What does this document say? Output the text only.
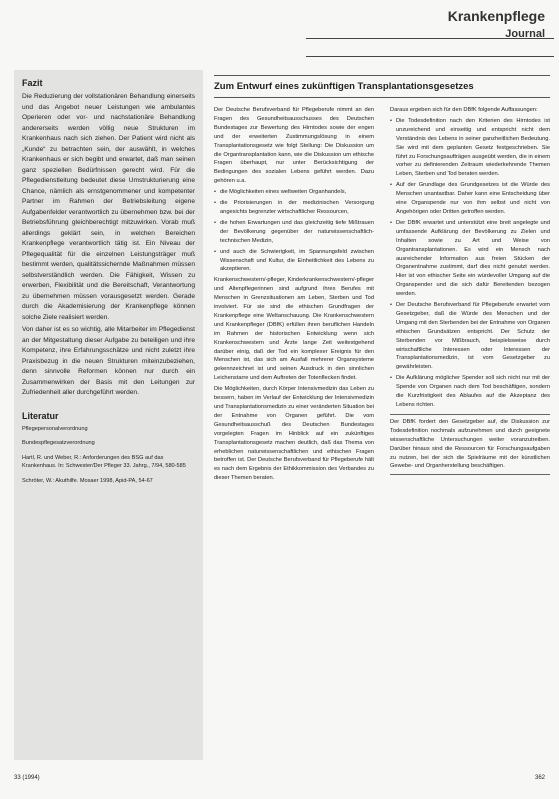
Krankenpflege
Journal
Fazit

Die Reduzierung der vollstationären Behandlung einerseits und das Angebot neuer Leistungen wie ambulantes Operieren oder vor- und nachstationäre Behandlung andererseits werden völlig neue Strukturen im Krankenhaus nach sich ziehen. Der Patient wird nicht als „Kunde“ zu betrachten sein, der auswählt, in welches Krankenhaus er sich begibt und erwartet, daß man seinen ganz speziellen Bedürfnissen gerecht wird. Für die Pflegedienstleitung bedeutet diese Umstrukturierung eine Chance, nämlich als ernstgenommener und kompetenter Partner im Rahmen der Betriebsleitung eigene Aufgabenfelder verantwortlich zu übernehmen bzw. bei der Betriebsführung gleichberechtigt mitzuwirken. Vorab muß allerdings geklärt sein, in welchen Bereichen Krankenpflege verantwortlich tätig ist. Ein Niveau der Pflegequalität für die einzelnen Leistungsträger muß bestimmt werden, qualitätssichernde Maßnahmen müssen selbstverständlich werden. Die Fähigkeit, Wissen zu erwerben, Flexibilität und die Bereitschaft, Verantwortung zu übernehmen müssen vorausgesetzt werden. Gerade durch die Akademisierung der Krankenpflege können solche Ziele realisiert werden.

Von daher ist es so wichtig, alle Mitarbeiter im Pflegedienst an der Mitgestaltung dieser Aufgabe zu beteiligen und ihre Kompetenz, ihre Erfahrungsschätze und nicht zuletzt ihre Praxisbezug in die neuen Strukturen miteinzubeziehen, denn sinnvolle Reformen können nur durch ein Zusammenwirken der Basis mit den Leitungen zur Zufriedenheit aller durchgeführt werden.

Literatur

Pflegepersonalverordnung

Bundespflegesatzverordnung

Hartl, R. und Weber, R.: Anforderungen des BSG auf das Krankenhaus. In: Schwester/Der Pfleger 33. Jahrg., 7/94, 580-585

Schröter, W.: Akuthilfe. Mosaer 1998, Apid-PA, 54-67

Zum Entwurf eines zukünftigen Transplantationsgesetzes

Der Deutsche Berufsverband für Pflegeberufe nimmt an den Fragen des Gesundheitsausschusses des Deutschen Bundestages zur Bewertung des Hirntodes sowie der engen und der erweiterten Zustimmungslösung in einem Transplantationsgesetz wie folgt Stellung: Die Diskussion um die Organtransplantation kann, wie die Diskussion um ethische Fragen überhaupt, nur unter Berücksichtigung der Bedingungen des sozialen Lebens geführt werden. Dazu gehören u.a.

• die Möglichkeiten eines weltweiten Organhandels,
• die Priorisierungen in der medizinischen Versorgung angesichts begrenzter wirtschaftlicher Ressourcen,
• die hohen Erwartungen und das gleichzeitig tiefe Mißtrauen der Bevölkerung gegenüber der naturwissenschaftlich-technischen Medizin,
• und auch die Schwierigkeit, im Spannungsfeld zwischen Wissenschaft und Kultur, die Einheitlichkeit des Lebens zu akzeptieren.

Krankenschwestern/-pfleger, Kinderkrankenschwestern/-pfleger und Altenpflegerinnen sind aufgrund ihres Berufes mit Menschen in Grenzsituationen am Leben, Sterben und Tod involviert. Für sie sind die ethischen Grundfragen der Krankenpflege eine Weltanschauung. Die Krankenschwestern und Krankenpfleger (DBfK) erfüllen ihren beruflichen Handeln im Rahmen der historischen Entwicklung wenn sich Krankenschwestern und Ärzte lange Zeit weitestgehend darüber einig, daß der Tod ein komplexer Ereignis für den Menschen ist, das sich am Ausfall mehrerer Organsysteme gekennzeichnet ist und seinen Ausdruck in den sinnlichen Leichenstarre und dem Auftreten der Totenflecken findet.

Die Möglichkeiten, durch Körper Intensivmedizin das Leben zu bessern, haben im Verlauf der Entwicklung der Intensivmedizin und Transplantationsmedizin zu einer veränderten Situation bei der Entnahme von Organen geführt. Die vom Gesundheitsausschuß des Deutschen Bundestages vorgelegten Fragen im Hinblick auf ein zukünftiges Transplantationsgesetz machen deutlich, daß das Thema von erheblichen naturwissenschaftlichen und ethischen Fragen betroffen ist. Der Deutsche Berufsverband für Pflegeberufe hält es nach dem Ergebnis der Ethikkommission des Verbandes zu dieser Themen beraten.

Daraus ergeben sich für den DBfK folgende Auffassungen:

• Die Todesdefinition nach den Kriterien des Hirntodes ist unzureichend und einseitig und entspricht nicht dem Verständnis des Lebens in seiner ganzheitlichen Bedeutung. Sie wird mit dem geplanten Gesetz festgeschrieben. Sie führt zu Forschungsaufträgen ausgeübt werden, die in einem vorher zu definierenden Zeitraum wiederkehrende Themen Leben, Sterben und Tod beraten werden.
• Auf der Grundlage des Grundgesetzes ist die Würde des Menschen unantastbar. Daher kann eine Entscheidung über eine Organspende nur von ihm selbst und nicht von Angehörigen oder Dritten getroffen werden.
• Der DBfK erwartet und unterstützt eine breit angelegte und umfassende Aufklärung der Bevölkerung zu Zielen und Inhalten sowie zu Art und Weise von Organtransplantationen. Es wird ein Mensch nach ausreichender Information aus freien Stücken der Organentnahme zustimmt, darf dies nicht genutzt werden. Hier ist von ethischer Seite ein würdevoller Umgang auf die Organspender und die sich dafür Bereitenden bezogen werden.
• Der Deutsche Berufsverband für Pflegeberufe erwartet vom Gesetzgeber, daß die Würde des Menschen und der Umgang mit den Sterbenden bei der Entnahme von Organen ethischen Grundsätzen entspricht. Der Schutz der Sterbenden vor Mißbrauch, beispielsweise durch wirtschaftliche Interessen oder Interessen der Transplantationsmedizin, ist vom Gesetzgeber zu gewährleisten.
• Die Aufklärung möglicher Spender soll sich nicht nur mit der Spende von Organen nach dem Tod beschäftigen, sondern die Kurzfristigkeit des Ablaufes auf die Akzeptanz des Lebens richten.

Der DBfK fordert den Gesetzgeber auf, die Diskussion zur Todesdefinition nochmals aufzunehmen und durch geeignete wissenschaftliche Untersuchungen weiter voranzutreiben. Darüber hinaus sind die Ressourcen für Forschungsaufgaben zu nutzen, bei der sich die Spielräume mit der künstlichen Gewebe- und Organherstellung beschäftigen.

33 (1994)	362
